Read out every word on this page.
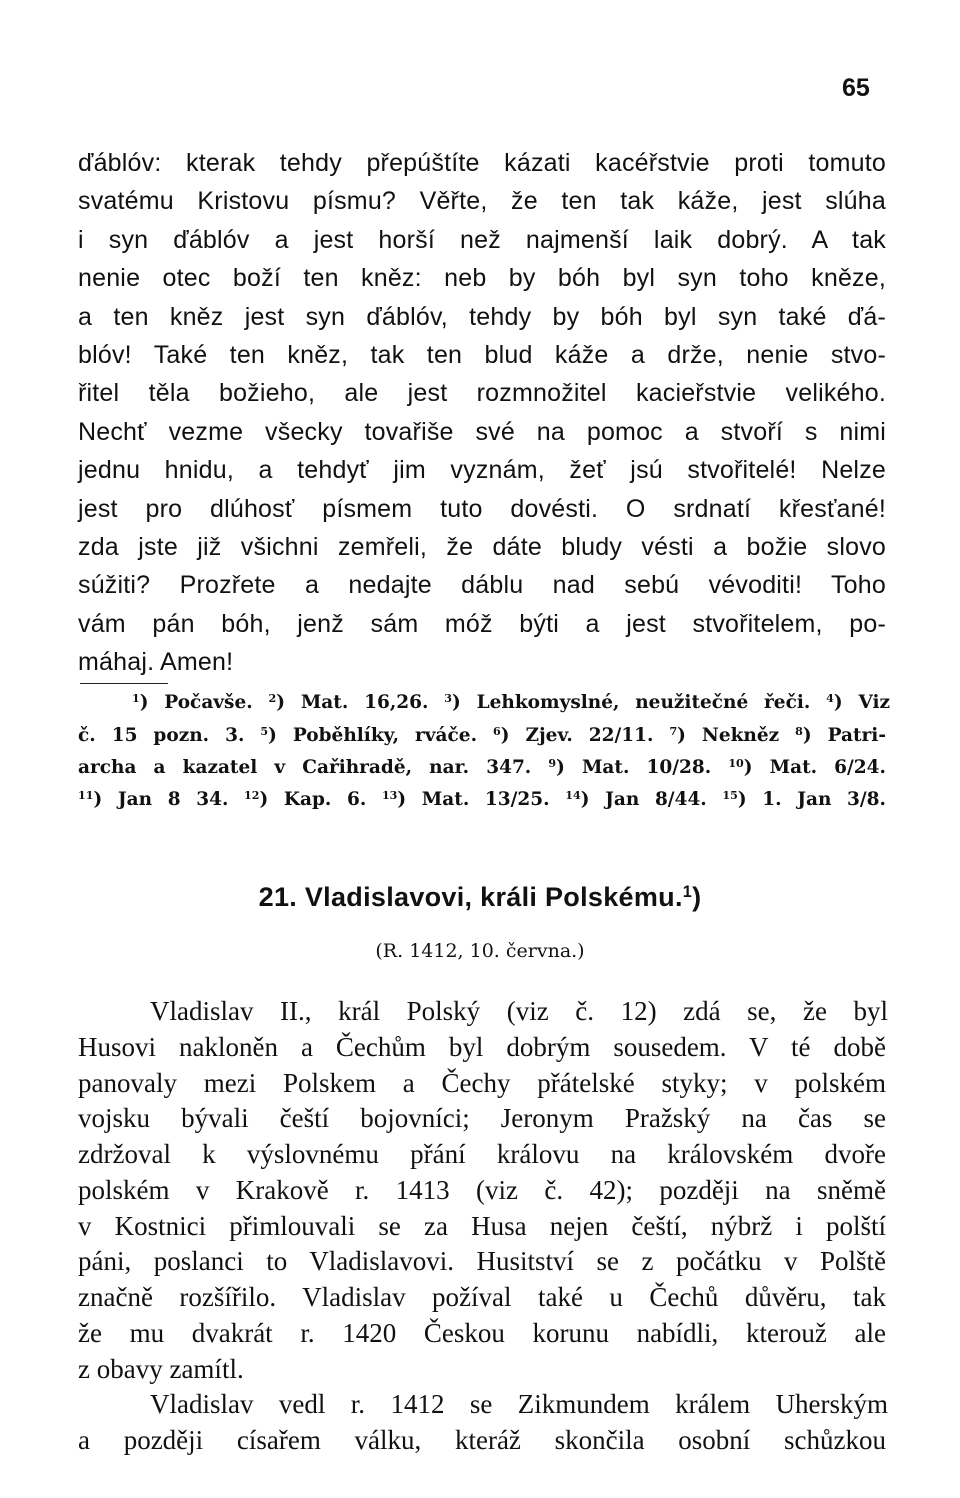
65
ďáblóv: kterak tehdy přepúštíte kázati kacéřstvie proti tomuto
svatému Kristovu písmu? Věřte, že ten tak káže, jest slúha
i syn ďáblóv a jest horší než najmenší laik dobrý. A tak
nenie otec boží ten kněz: neb by bóh byl syn toho kněze,
a ten kněz jest syn ďáblóv, tehdy by bóh byl syn také ďá-
blóv! Také ten kněz, tak ten blud káže a drže, nenie stvo-
řitel těla božieho, ale jest rozmnožitel kacieřstvie velikého.
Nechť vezme všecky tovařiše své na pomoc a stvoří s nimi
jednu hnidu, a tehdyť jim vyznám, žeť jsú stvořitelé! Nelze
jest pro dlúhosť písmem tuto dovésti. O srdnatí křesťané!
zda jste již všichni zemřeli, že dáte bludy vésti a božie slovo
súžiti? Prozřete a nedajte dáblu nad sebú vévoditi! Toho
vám pán bóh, jenž sám móž býti a jest stvořitelem, po-
máhaj. Amen!
$^1$) Počavše. $^2$) Mat. 16,26. $^3$) Lehkomyslné, neužitečné řeči. $^4$) Viz
č. 15 pozn. 3. $^5$) Poběhlíky, rváče. $^6$) Zjev. 22/11. $^7$) Nekněz $^8$) Patri-
archa a kazatel v Cařihradě, nar. 347. $^9$) Mat. 10/28. $^{10}$) Mat. 6/24.
$^{11}$) Jan 8 34. $^{12}$) Kap. 6. $^{13}$) Mat. 13/25. $^{14}$) Jan 8/44. $^{15}$) 1. Jan 3/8.
21. Vladislavovi, králi Polskému.$^1$)
(R. 1412, 10. června.)
Vladislav II., král Polský (viz č. 12) zdá se, že byl
Husovi nakloněn a Čechům byl dobrým sousedem. V té době
panovaly mezi Polskem a Čechy přátelské styky; v polském
vojsku bývali čeští bojovníci; Jeronym Pražský na čas se
zdržoval k výslovnému přání královu na královském dvoře
polském v Krakově r. 1413 (viz č. 42); později na sněmě
v Kostnici přimlouvali se za Husa nejen čeští, nýbrž i polští
páni, poslanci to Vladislavovi. Husitství se z počátku v Polště
značně rozšířilo. Vladislav požíval také u Čechů důvěru, tak
že mu dvakrát r. 1420 Českou korunu nabídli, kterouž ale
z obavy zamítl.
Vladislav vedl r. 1412 se Zikmundem králem Uherským
a později císařem válku, kteráž skončila osobní schůzkou
